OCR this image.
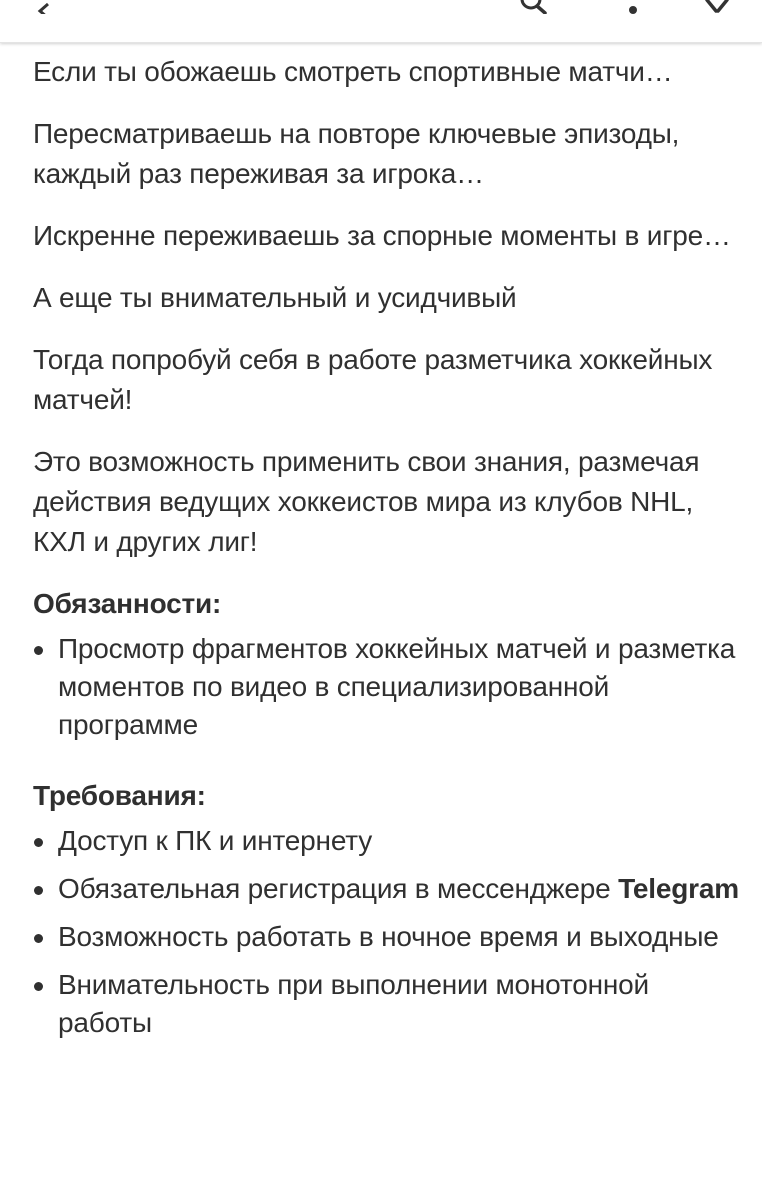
Если ты обожаешь смотреть спортивные матчи…

Пересматриваешь на повторе ключевые эпизоды, каждый раз переживая за игрока…

Искренне переживаешь за спорные моменты в игре…

А еще ты внимательный и усидчивый

Тогда попробуй себя в работе разметчика хоккейных матчей!

Это возможность применить свои знания, размечая действия ведущих хоккеистов мира из клубов NHL, КХЛ и других лиг!

Обязанности:

Просмотр фрагментов хоккейных матчей и разметка моментов по видео в специализированной программе

Требования:

Доступ к ПК и интернету
Обязательная регистрация в мессенджере Telegram
Возможность работать в ночное время и выходные
Внимательность при выполнении монотонной работы
